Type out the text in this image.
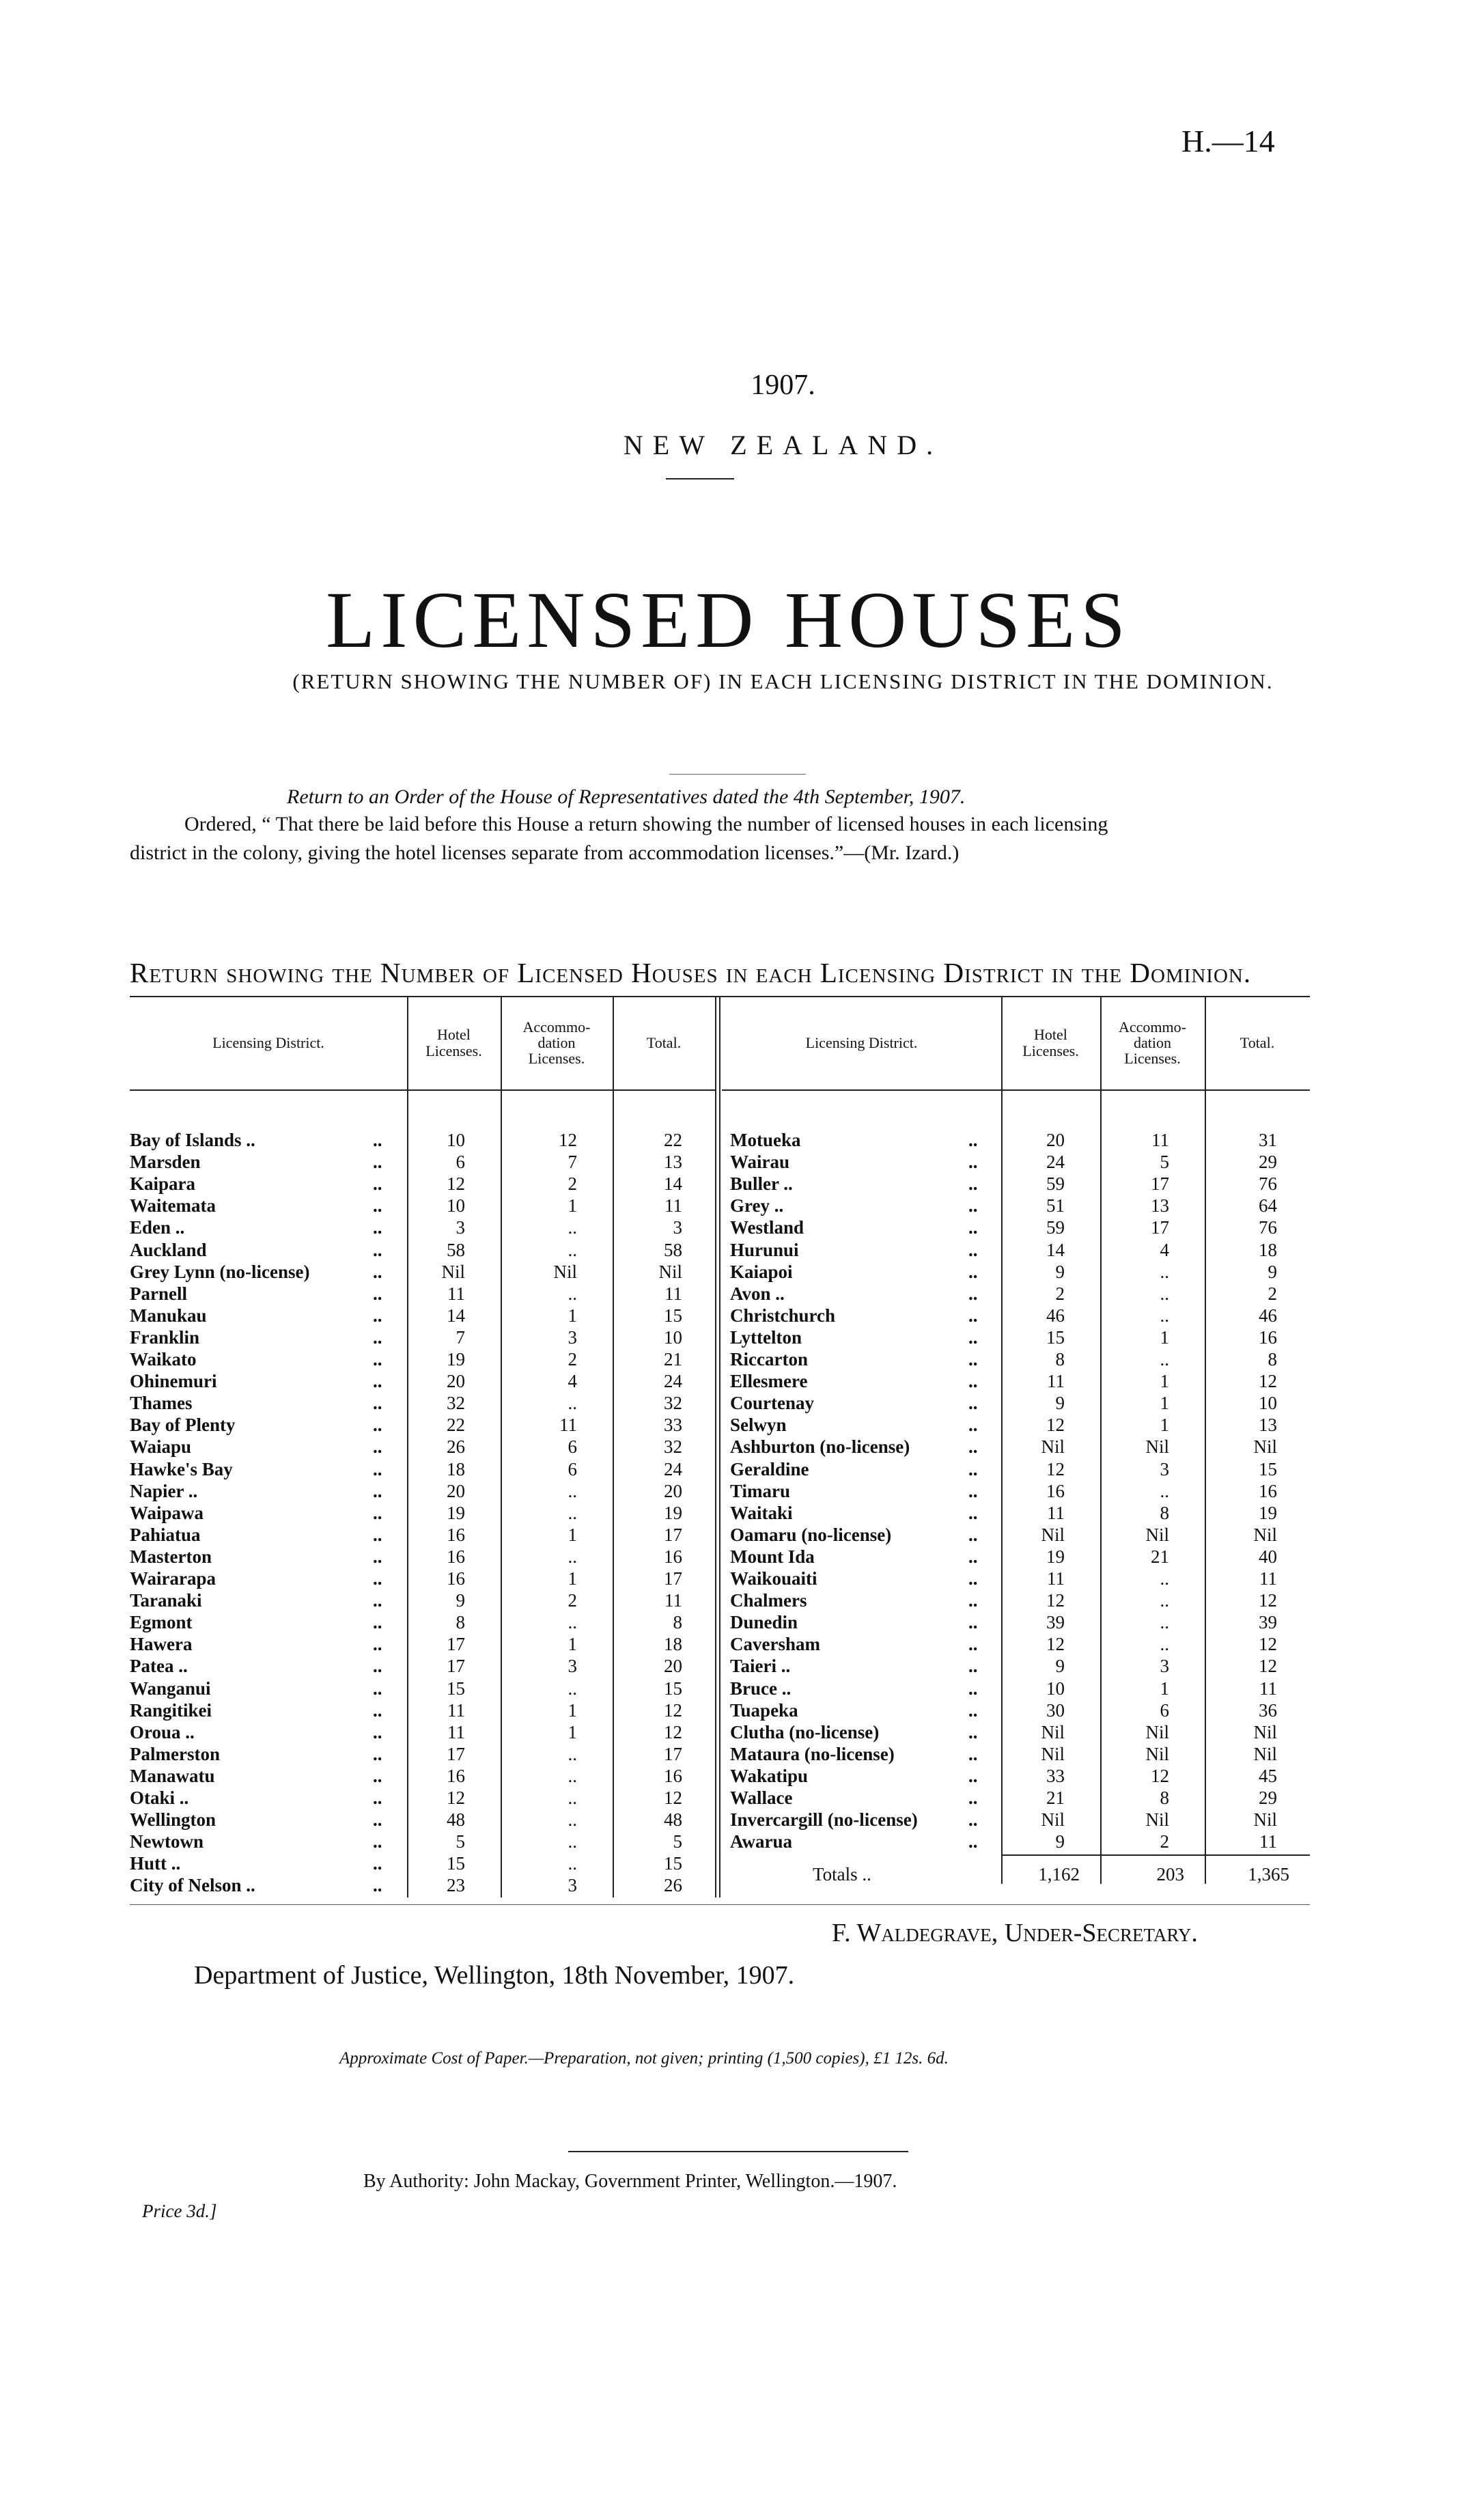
H.—14
1907.
NEW ZEALAND.
LICENSED HOUSES
(RETURN SHOWING THE NUMBER OF) IN EACH LICENSING DISTRICT IN THE DOMINION.
Return to an Order of the House of Representatives dated the 4th September, 1907.
Ordered, “ That there be laid before this House a return showing the number of licensed houses in each licensing
district in the colony, giving the hotel licenses separate from accommodation licenses.”—(Mr. Izard.)
Return showing the Number of Licensed Houses in each Licensing District in the Dominion.
Licensing District.	Hotel
Licenses.
Accommo-
dation
Licenses.
Total.
Bay of Islands ..	..	10	12	22
Marsden	..	6	7	13
Kaipara	..	12	2	14
Waitemata	..	10	1	11
Eden ..	..	3	..	3
Auckland	..	58	..	58
Grey Lynn (no-license)	..	Nil	Nil	Nil
Parnell	..	11	..	11
Manukau	..	14	1	15
Franklin	..	7	3	10
Waikato	..	19	2	21
Ohinemuri	..	20	4	24
Thames	..	32	..	32
Bay of Plenty	..	22	11	33
Waiapu	..	26	6	32
Hawke's Bay	..	18	6	24
Napier ..	..	20	..	20
Waipawa	..	19	..	19
Pahiatua	..	16	1	17
Masterton	..	16	..	16
Wairarapa	..	16	1	17
Taranaki	..	9	2	11
Egmont	..	8	..	8
Hawera	..	17	1	18
Patea ..	..	17	3	20
Wanganui	..	15	..	15
Rangitikei	..	11	1	12
Oroua ..	..	11	1	12
Palmerston	..	17	..	17
Manawatu	..	16	..	16
Otaki ..	..	12	..	12
Wellington	..	48	..	48
Newtown	..	5	..	5
Hutt ..	..	15	..	15
City of Nelson ..	..	23	3	26
Licensing District.	Hotel
Licenses.
Accommo-
dation
Licenses.
Total.
Motueka	..	20	11	31
Wairau	..	24	5	29
Buller ..	..	59	17	76
Grey ..	..	51	13	64
Westland	..	59	17	76
Hurunui	..	14	4	18
Kaiapoi	..	9	..	9
Avon ..	..	2	..	2
Christchurch	..	46	..	46
Lyttelton	..	15	1	16
Riccarton	..	8	..	8
Ellesmere	..	11	1	12
Courtenay	..	9	1	10
Selwyn	..	12	1	13
Ashburton (no-license)	..	Nil	Nil	Nil
Geraldine	..	12	3	15
Timaru	..	16	..	16
Waitaki	..	11	8	19
Oamaru (no-license)	..	Nil	Nil	Nil
Mount Ida	..	19	21	40
Waikouaiti	..	11	..	11
Chalmers	..	12	..	12
Dunedin	..	39	..	39
Caversham	..	12	..	12
Taieri ..	..	9	3	12
Bruce ..	..	10	1	11
Tuapeka	..	30	6	36
Clutha (no-license)	..	Nil	Nil	Nil
Mataura (no-license)	..	Nil	Nil	Nil
Wakatipu	..	33	12	45
Wallace	..	21	8	29
Invercargill (no-license)	..	Nil	Nil	Nil
Awarua	..	9	2	11
Totals ..	1,162	203	1,365
F. Waldegrave, Under-Secretary.
Department of Justice, Wellington, 18th November, 1907.
Approximate Cost of Paper.—Preparation, not given; printing (1,500 copies), £1 12s. 6d.
By Authority: John Mackay, Government Printer, Wellington.—1907.
Price 3d.]
